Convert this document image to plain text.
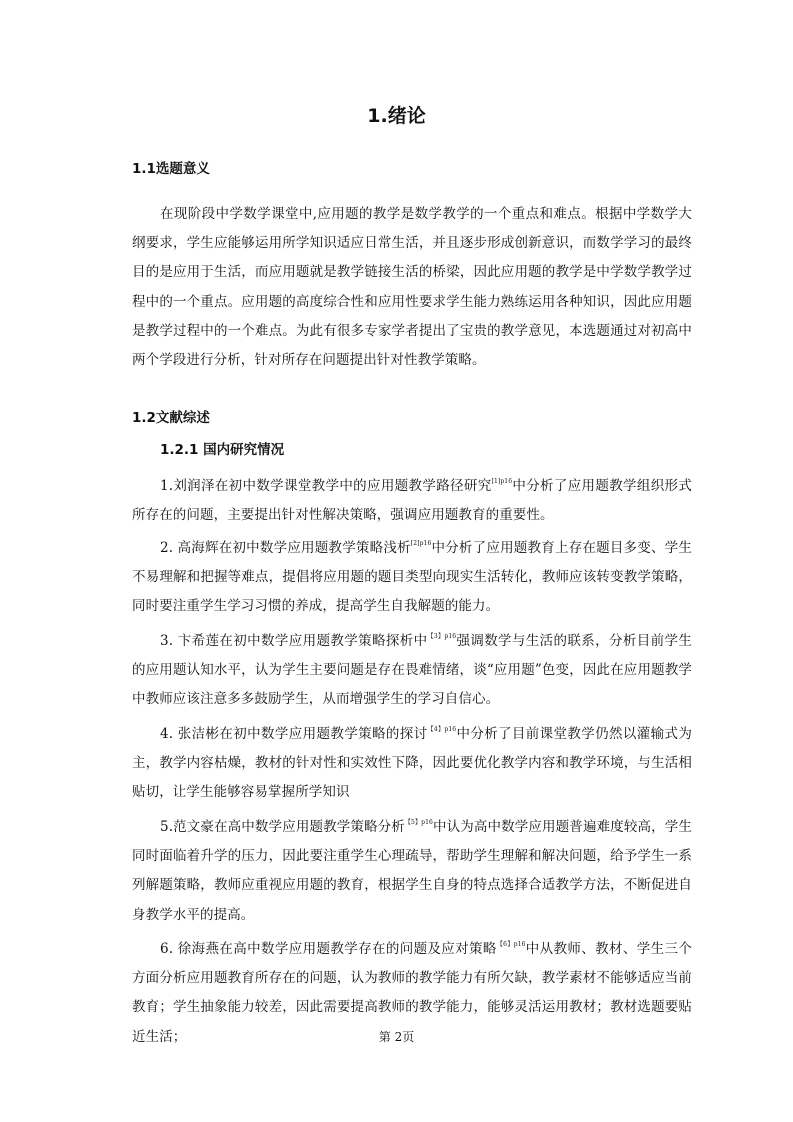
1.绪论
1.1选题意义

在现阶段中学数学课堂中,应用题的教学是数学教学的一个重点和难点。根据中学数学大纲要求，学生应能够运用所学知识适应日常生活，并且逐步形成创新意识，而数学学习的最终目的是应用于生活，而应用题就是教学链接生活的桥梁，因此应用题的教学是中学数学教学过程中的一个重点。应用题的高度综合性和应用性要求学生能力熟练运用各种知识，因此应用题是教学过程中的一个难点。为此有很多专家学者提出了宝贵的教学意见，本选题通过对初高中两个学段进行分析，针对所存在问题提出针对性教学策略。

1.2文献综述
1.2.1 国内研究情况

1.刘润泽在初中数学课堂教学中的应用题教学路径研究$^{[1]p16}$中分析了应用题教学组织形式所存在的问题，主要提出针对性解决策略，强调应用题教育的重要性。

2. 高海辉在初中数学应用题教学策略浅析$^{[2]p16}$中分析了应用题教育上存在题目多变、学生不易理解和把握等难点，提倡将应用题的题目类型向现实生活转化，教师应该转变教学策略，同时要注重学生学习习惯的养成，提高学生自我解题的能力。

3. 卞希莲在初中数学应用题教学策略探析中$^{【3】p16}$强调数学与生活的联系，分析目前学生的应用题认知水平，认为学生主要问题是存在畏难情绪，谈“应用题”色变，因此在应用题教学中教师应该注意多多鼓励学生，从而增强学生的学习自信心。

4. 张洁彬在初中数学应用题教学策略的探讨$^{【4】p16}$中分析了目前课堂教学仍然以灌输式为主，教学内容枯燥，教材的针对性和实效性下降，因此要优化教学内容和教学环境，与生活相贴切，让学生能够容易掌握所学知识

5.范文豪在高中数学应用题教学策略分析$^{【5】p16}$中认为高中数学应用题普遍难度较高，学生同时面临着升学的压力，因此要注重学生心理疏导，帮助学生理解和解决问题，给予学生一系列解题策略，教师应重视应用题的教育，根据学生自身的特点选择合适教学方法，不断促进自身教学水平的提高。

6. 徐海燕在高中数学应用题教学存在的问题及应对策略$^{【6】p16}$中从教师、教材、学生三个方面分析应用题教育所存在的问题，认为教师的教学能力有所欠缺，教学素材不能够适应当前教育；学生抽象能力较差，因此需要提高教师的教学能力，能够灵活运用教材；教材选题要贴近生活；	第 2页
